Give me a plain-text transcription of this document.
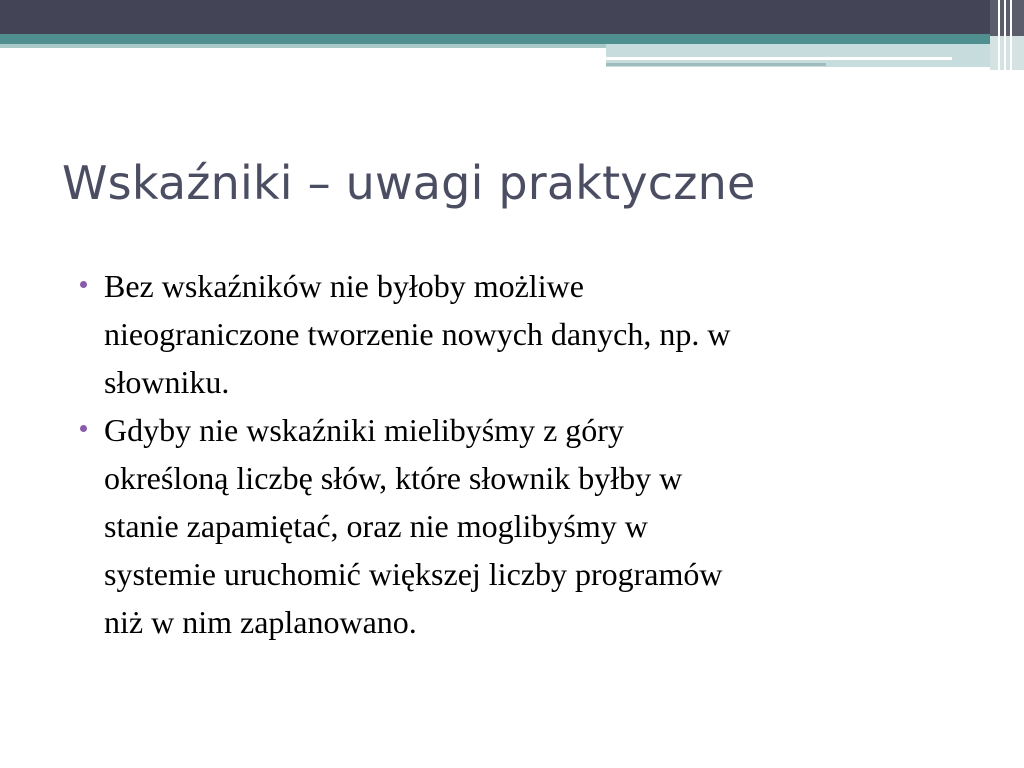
Wskaźniki – uwagi praktyczne
Bez wskaźników nie byłoby możliwe
nieograniczone tworzenie nowych danych, np. w
słowniku.
Gdyby nie wskaźniki mielibyśmy z góry
określoną liczbę słów, które słownik byłby w
stanie zapamiętać, oraz nie moglibyśmy w
systemie uruchomić większej liczby programów
niż w nim zaplanowano.
